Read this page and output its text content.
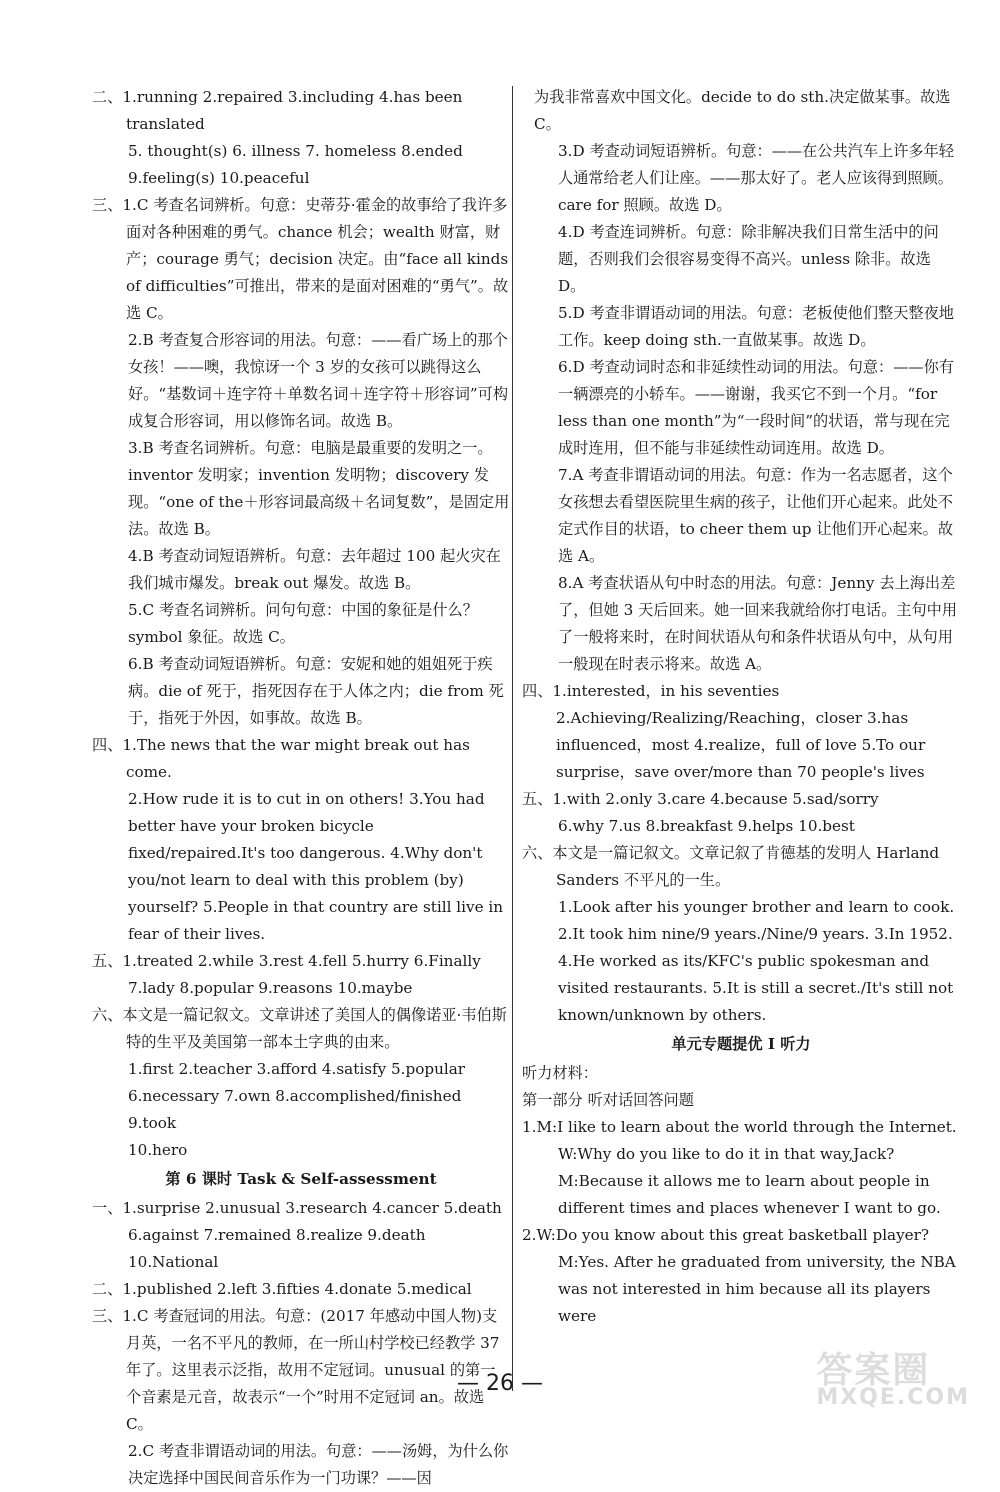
二、1.running 2.repaired 3.including 4.has been translated

5. thought(s) 6. illness 7. homeless 8.ended

9.feeling(s) 10.peaceful

三、1.C 考查名词辨析。句意：史蒂芬·霍金的故事给了我许多面对各种困难的勇气。chance 机会；wealth 财富，财产；courage 勇气；decision 决定。由“face all kinds of difficulties”可推出，带来的是面对困难的“勇气”。故选 C。

2.B 考查复合形容词的用法。句意：——看广场上的那个女孩！——噢，我惊讶一个 3 岁的女孩可以跳得这么好。“基数词＋连字符＋单数名词＋连字符＋形容词”可构成复合形容词，用以修饰名词。故选 B。

3.B 考查名词辨析。句意：电脑是最重要的发明之一。inventor 发明家；invention 发明物；discovery 发现。“one of the＋形容词最高级＋名词复数”，是固定用法。故选 B。

4.B 考查动词短语辨析。句意：去年超过 100 起火灾在我们城市爆发。break out 爆发。故选 B。

5.C 考查名词辨析。问句句意：中国的象征是什么？symbol 象征。故选 C。

6.B 考查动词短语辨析。句意：安妮和她的姐姐死于疾病。die of 死于，指死因存在于人体之内；die from 死于，指死于外因，如事故。故选 B。

四、1.The news that the war might break out has come.

2.How rude it is to cut in on others! 3.You had better have your broken bicycle fixed/repaired.It's too dangerous. 4.Why don't you/not learn to deal with this problem (by) yourself? 5.People in that country are still live in fear of their lives.

五、1.treated 2.while 3.rest 4.fell 5.hurry 6.Finally

7.lady 8.popular 9.reasons 10.maybe

六、本文是一篇记叙文。文章讲述了美国人的偶像诺亚·韦伯斯特的生平及美国第一部本土字典的由来。

1.first 2.teacher 3.afford 4.satisfy 5.popular

6.necessary 7.own 8.accomplished/finished 9.took

10.hero

第 6 课时 Task & Self-assessment

一、1.surprise 2.unusual 3.research 4.cancer 5.death

6.against 7.remained 8.realize 9.death 10.National

二、1.published 2.left 3.fifties 4.donate 5.medical

三、1.C 考查冠词的用法。句意：(2017 年感动中国人物)支月英，一名不平凡的教师，在一所山村学校已经教学 37 年了。这里表示泛指，故用不定冠词。unusual 的第一个音素是元音，故表示“一个”时用不定冠词 an。故选 C。

2.C 考查非谓语动词的用法。句意：——汤姆，为什么你决定选择中国民间音乐作为一门功课？——因

为我非常喜欢中国文化。decide to do sth.决定做某事。故选 C。

3.D 考查动词短语辨析。句意：——在公共汽车上许多年轻人通常给老人们让座。——那太好了。老人应该得到照顾。care for 照顾。故选 D。

4.D 考查连词辨析。句意：除非解决我们日常生活中的问题，否则我们会很容易变得不高兴。unless 除非。故选 D。

5.D 考查非谓语动词的用法。句意：老板使他们整天整夜地工作。keep doing sth.一直做某事。故选 D。

6.D 考查动词时态和非延续性动词的用法。句意：——你有一辆漂亮的小轿车。——谢谢，我买它不到一个月。“for less than one month”为“一段时间”的状语，常与现在完成时连用，但不能与非延续性动词连用。故选 D。

7.A 考查非谓语动词的用法。句意：作为一名志愿者，这个女孩想去看望医院里生病的孩子，让他们开心起来。此处不定式作目的状语，to cheer them up 让他们开心起来。故选 A。

8.A 考查状语从句中时态的用法。句意：Jenny 去上海出差了，但她 3 天后回来。她一回来我就给你打电话。主句中用了一般将来时，在时间状语从句和条件状语从句中，从句用一般现在时表示将来。故选 A。

四、1.interested，in his seventies 2.Achieving/Realizing/Reaching，closer 3.has influenced，most 4.realize，full of love 5.To our surprise，save over/more than 70 people's lives

五、1.with 2.only 3.care 4.because 5.sad/sorry

6.why 7.us 8.breakfast 9.helps 10.best

六、本文是一篇记叙文。文章记叙了肯德基的发明人 Harland Sanders 不平凡的一生。

1.Look after his younger brother and learn to cook.

2.It took him nine/9 years./Nine/9 years. 3.In 1952. 4.He worked as its/KFC's public spokesman and visited restaurants. 5.It is still a secret./It's still not known/unknown by others.

单元专题提优 Ⅰ 听力

听力材料：

第一部分 听对话回答问题

1.M:I like to learn about the world through the Internet.

W:Why do you like to do it in that way,Jack?

M:Because it allows me to learn about people in different times and places whenever I want to go.

2.W:Do you know about this great basketball player?

M:Yes. After he graduated from university, the NBA was not interested in him because all its players were

— 26 —	答案圈
MXQE.COM
